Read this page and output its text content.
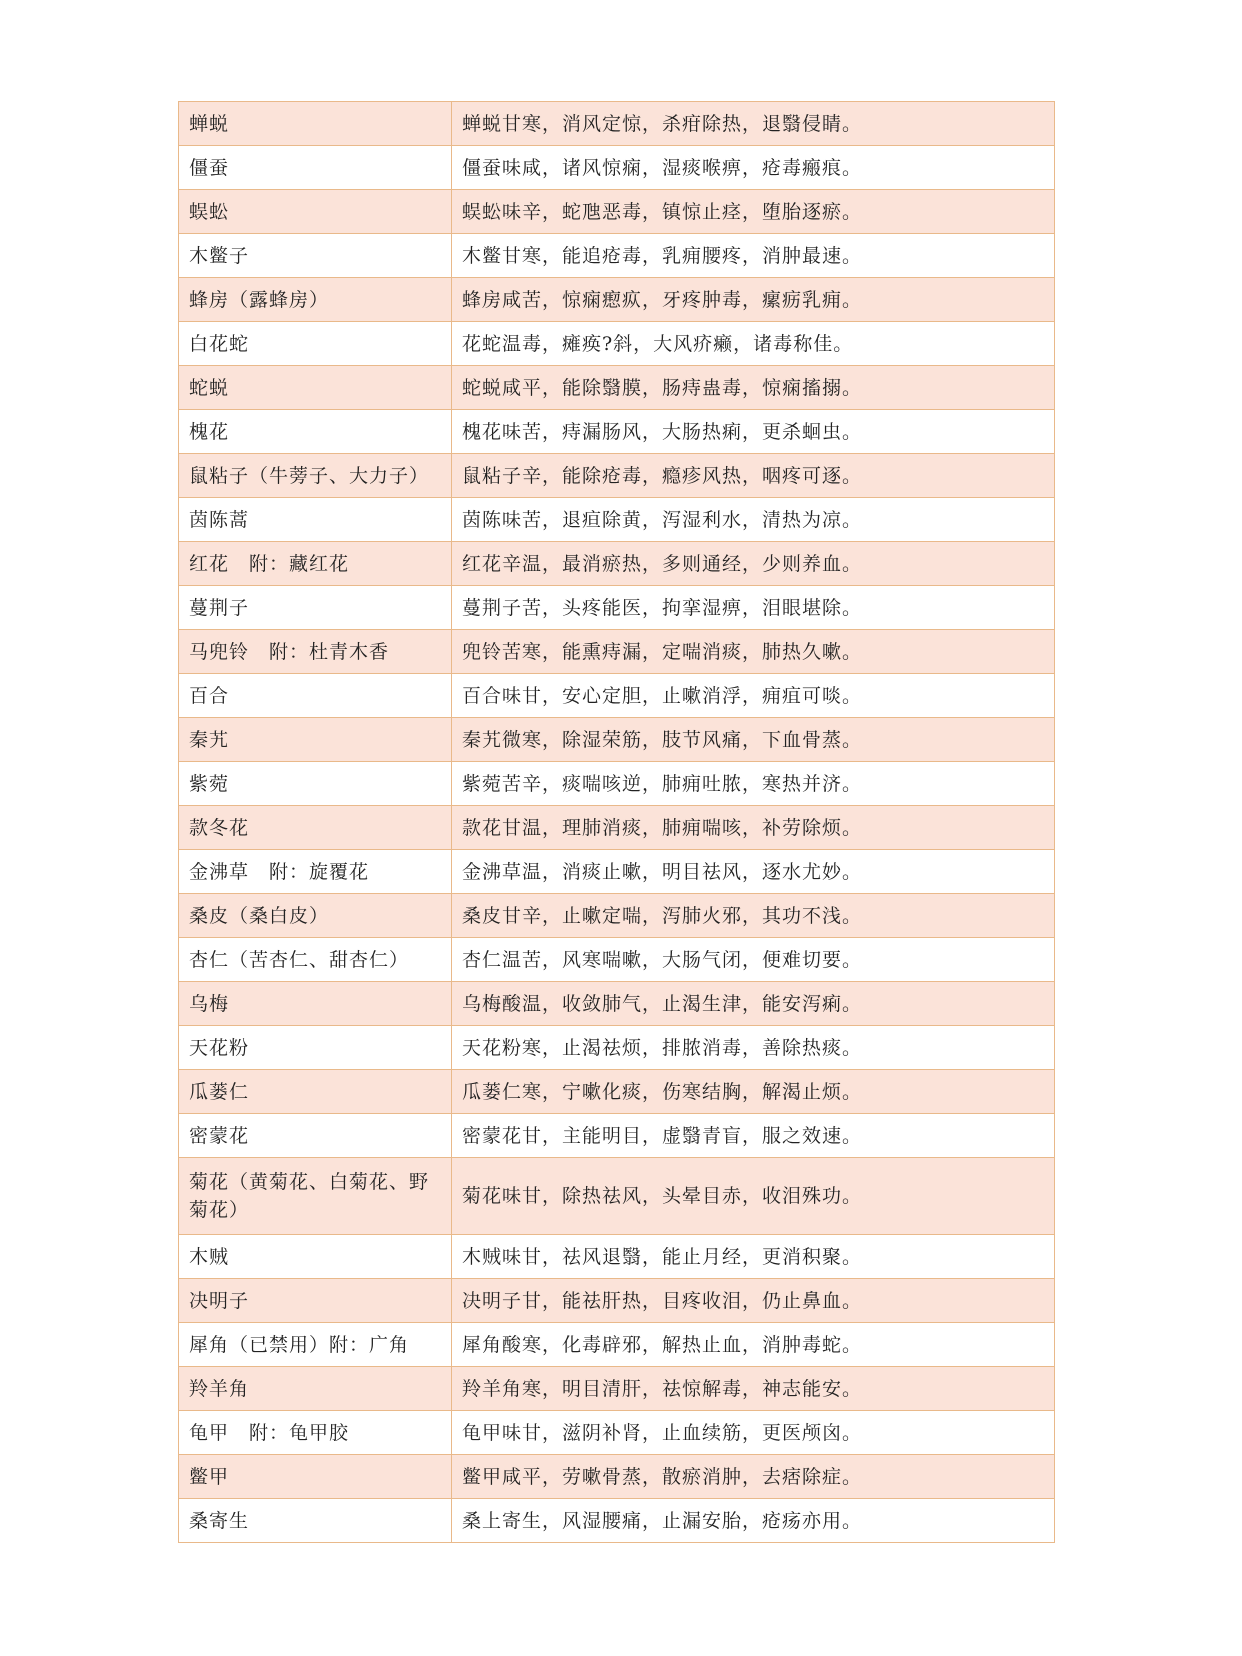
蝉蜕	蝉蜕甘寒，消风定惊，杀疳除热，退翳侵睛。
僵蚕	僵蚕味咸，诸风惊痫，湿痰喉痹，疮毒瘢痕。
蜈蚣	蜈蚣味辛，蛇虺恶毒，镇惊止痉，堕胎逐瘀。
木鳖子	木鳖甘寒，能追疮毒，乳痈腰疼，消肿最速。
蜂房（露蜂房）	蜂房咸苦，惊痫瘛疭，牙疼肿毒，瘰疬乳痈。
白花蛇	花蛇温毒，瘫痪?斜，大风疥癞，诸毒称佳。
蛇蜕	蛇蜕咸平，能除翳膜，肠痔蛊毒，惊痫搐搦。
槐花	槐花味苦，痔漏肠风，大肠热痢，更杀蛔虫。
鼠粘子（牛蒡子、大力子）	鼠粘子辛，能除疮毒，瘾疹风热，咽疼可逐。
茵陈蒿	茵陈味苦，退疸除黄，泻湿利水，清热为凉。
红花　附：藏红花	红花辛温，最消瘀热，多则通经，少则养血。
蔓荆子	蔓荆子苦，头疼能医，拘挛湿痹，泪眼堪除。
马兜铃　附：杜青木香	兜铃苦寒，能熏痔漏，定喘消痰，肺热久嗽。
百合	百合味甘，安心定胆，止嗽消浮，痈疽可啖。
秦艽	秦艽微寒，除湿荣筋，肢节风痛，下血骨蒸。
紫菀	紫菀苦辛，痰喘咳逆，肺痈吐脓，寒热并济。
款冬花	款花甘温，理肺消痰，肺痈喘咳，补劳除烦。
金沸草　附：旋覆花	金沸草温，消痰止嗽，明目祛风，逐水尤妙。
桑皮（桑白皮）	桑皮甘辛，止嗽定喘，泻肺火邪，其功不浅。
杏仁（苦杏仁、甜杏仁）	杏仁温苦，风寒喘嗽，大肠气闭，便难切要。
乌梅	乌梅酸温，收敛肺气，止渴生津，能安泻痢。
天花粉	天花粉寒，止渴祛烦，排脓消毒，善除热痰。
瓜蒌仁	瓜蒌仁寒，宁嗽化痰，伤寒结胸，解渴止烦。
密蒙花	密蒙花甘，主能明目，虚翳青盲，服之效速。
菊花（黄菊花、白菊花、野菊花）	菊花味甘，除热祛风，头晕目赤，收泪殊功。
木贼	木贼味甘，祛风退翳，能止月经，更消积聚。
决明子	决明子甘，能祛肝热，目疼收泪，仍止鼻血。
犀角（已禁用）附：广角	犀角酸寒，化毒辟邪，解热止血，消肿毒蛇。
羚羊角	羚羊角寒，明目清肝，祛惊解毒，神志能安。
龟甲　附：龟甲胶	龟甲味甘，滋阴补肾，止血续筋，更医颅囟。
鳖甲	鳖甲咸平，劳嗽骨蒸，散瘀消肿，去痞除症。
桑寄生	桑上寄生，风湿腰痛，止漏安胎，疮疡亦用。
